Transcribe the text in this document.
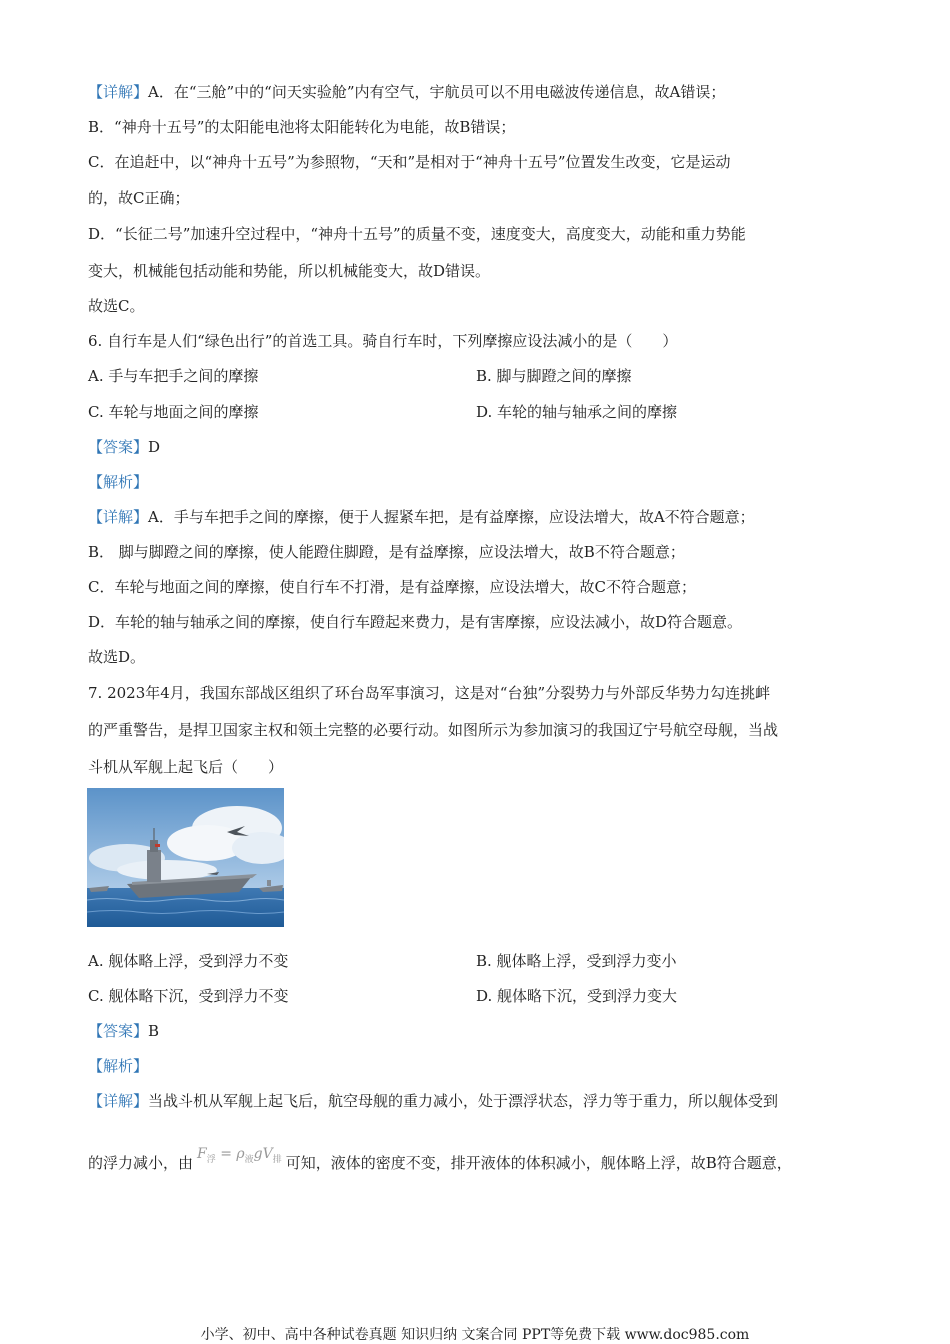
【详解】A．在“三舱”中的“问天实验舱”内有空气，宇航员可以不用电磁波传递信息，故A错误；
B．“神舟十五号”的太阳能电池将太阳能转化为电能，故B错误；
C．在追赶中，以“神舟十五号”为参照物，“天和”是相对于“神舟十五号”位置发生改变，它是运动
的，故C正确；
D．“长征二号”加速升空过程中，“神舟十五号”的质量不变，速度变大，高度变大，动能和重力势能
变大，机械能包括动能和势能，所以机械能变大，故D错误。
故选C。
6. 自行车是人们“绿色出行”的首选工具。骑自行车时，下列摩擦应设法减小的是（　　）
A. 手与车把手之间的摩擦	B. 脚与脚蹬之间的摩擦
C. 车轮与地面之间的摩擦	D. 车轮的轴与轴承之间的摩擦
【答案】D
【解析】
【详解】A．手与车把手之间的摩擦，便于人握紧车把，是有益摩擦，应设法增大，故A不符合题意；
B． 脚与脚蹬之间的摩擦，使人能蹬住脚蹬，是有益摩擦，应设法增大，故B不符合题意；
C．车轮与地面之间的摩擦，使自行车不打滑，是有益摩擦，应设法增大，故C不符合题意；
D．车轮的轴与轴承之间的摩擦，使自行车蹬起来费力，是有害摩擦，应设法减小，故D符合题意。
故选D。
7. 2023年4月，我国东部战区组织了环台岛军事演习，这是对“台独”分裂势力与外部反华势力勾连挑衅
的严重警告，是捍卫国家主权和领土完整的必要行动。如图所示为参加演习的我国辽宁号航空母舰，当战
斗机从军舰上起飞后（　　）
A. 舰体略上浮，受到浮力不变	B. 舰体略上浮，受到浮力变小
C. 舰体略下沉，受到浮力不变	D. 舰体略下沉，受到浮力变大
【答案】B
【解析】
【详解】当战斗机从军舰上起飞后，航空母舰的重力减小，处于漂浮状态，浮力等于重力，所以舰体受到
的浮力减小，由 $F_浮 = \rho_液gV_排$ 可知，液体的密度不变，排开液体的体积减小，舰体略上浮，故B符合题意，
小学、初中、高中各种试卷真题 知识归纳 文案合同 PPT等免费下载 www.doc985.com
